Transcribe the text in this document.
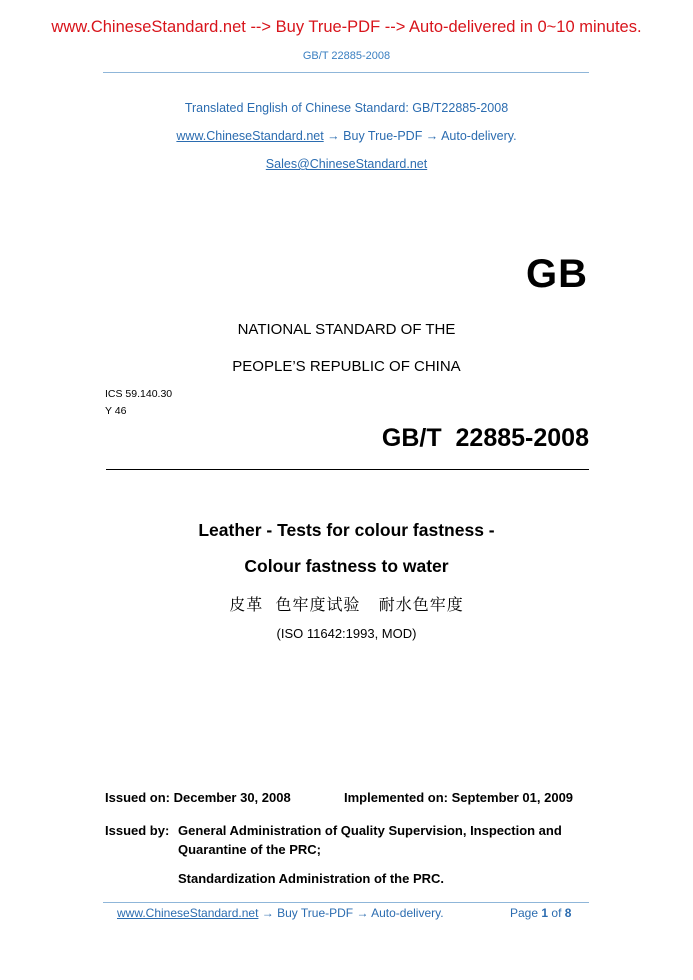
www.ChineseStandard.net --> Buy True-PDF --> Auto-delivered in 0~10 minutes.
GB/T 22885-2008
Translated English of Chinese Standard: GB/T22885-2008
www.ChineseStandard.net → Buy True-PDF → Auto-delivery.
Sales@ChineseStandard.net
GB
NATIONAL STANDARD OF THE
PEOPLE’S REPUBLIC OF CHINA
ICS 59.140.30
Y 46
GB/T  22885-2008
Leather - Tests for colour fastness -
Colour fastness to water
皮革  色牢度试验   耐水色牢度
(ISO 11642:1993, MOD)
Issued on: December 30, 2008	Implemented on: September 01, 2009
Issued by: General Administration of Quality Supervision, Inspection and
Quarantine of the PRC;
Standardization Administration of the PRC.
www.ChineseStandard.net → Buy True-PDF → Auto-delivery.	Page 1 of 8
